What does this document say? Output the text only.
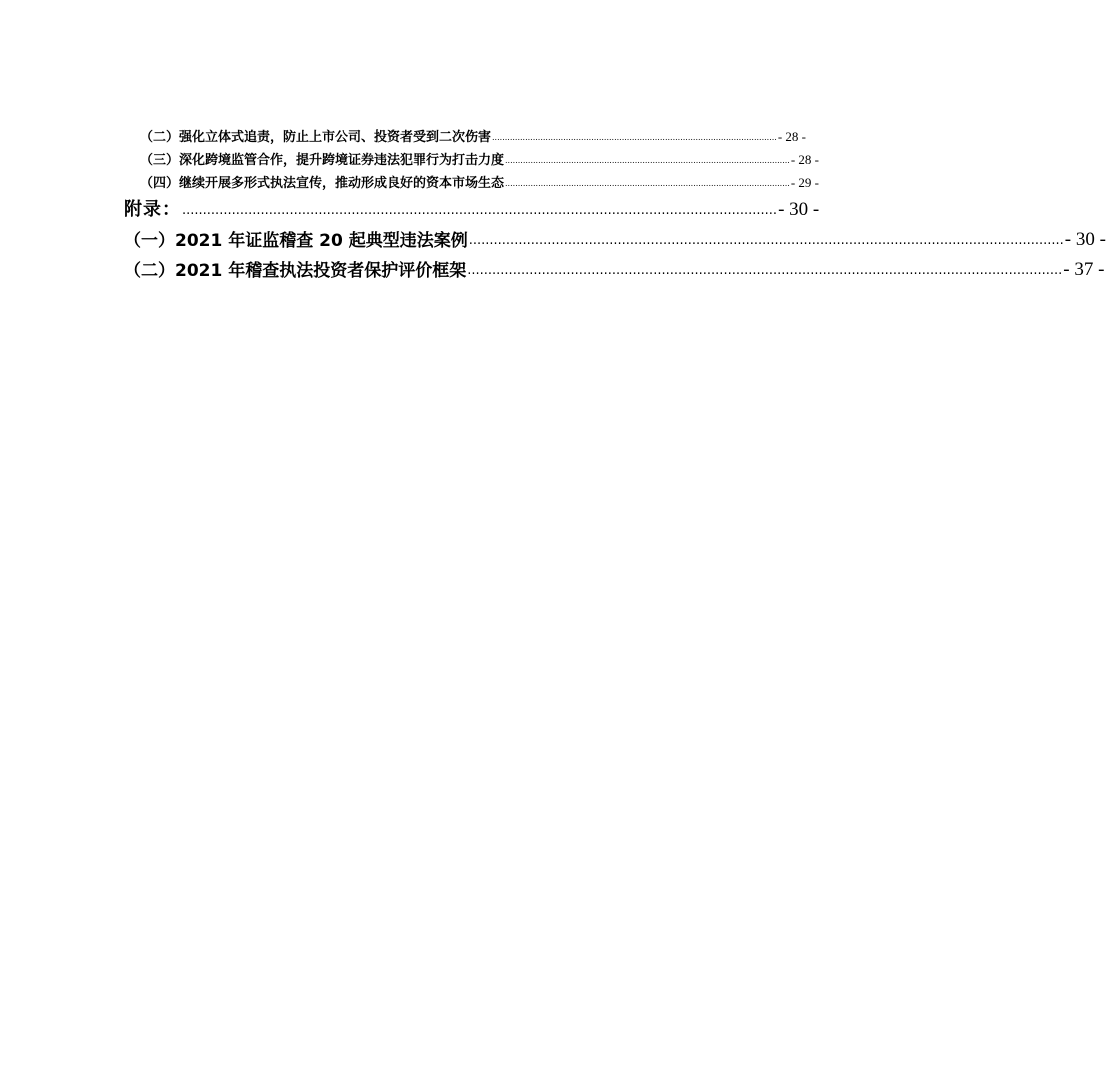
（二）强化立体式追责，防止上市公司、投资者受到二次伤害 ................................................................................................................ - 28 -
（三）深化跨境监管合作，提升跨境证券违法犯罪行为打击力度 ................................................................................................................ - 28 -
（四）继续开展多形式执法宣传，推动形成良好的资本市场生态 ................................................................................................................ - 29 -
附录： ................................................................................................................................................ - 30 -
（一）2021 年证监稽查 20 起典型违法案例 ................................................................................................................................................ - 30 -
（二）2021 年稽查执法投资者保护评价框架 ................................................................................................................................................ - 37 -
